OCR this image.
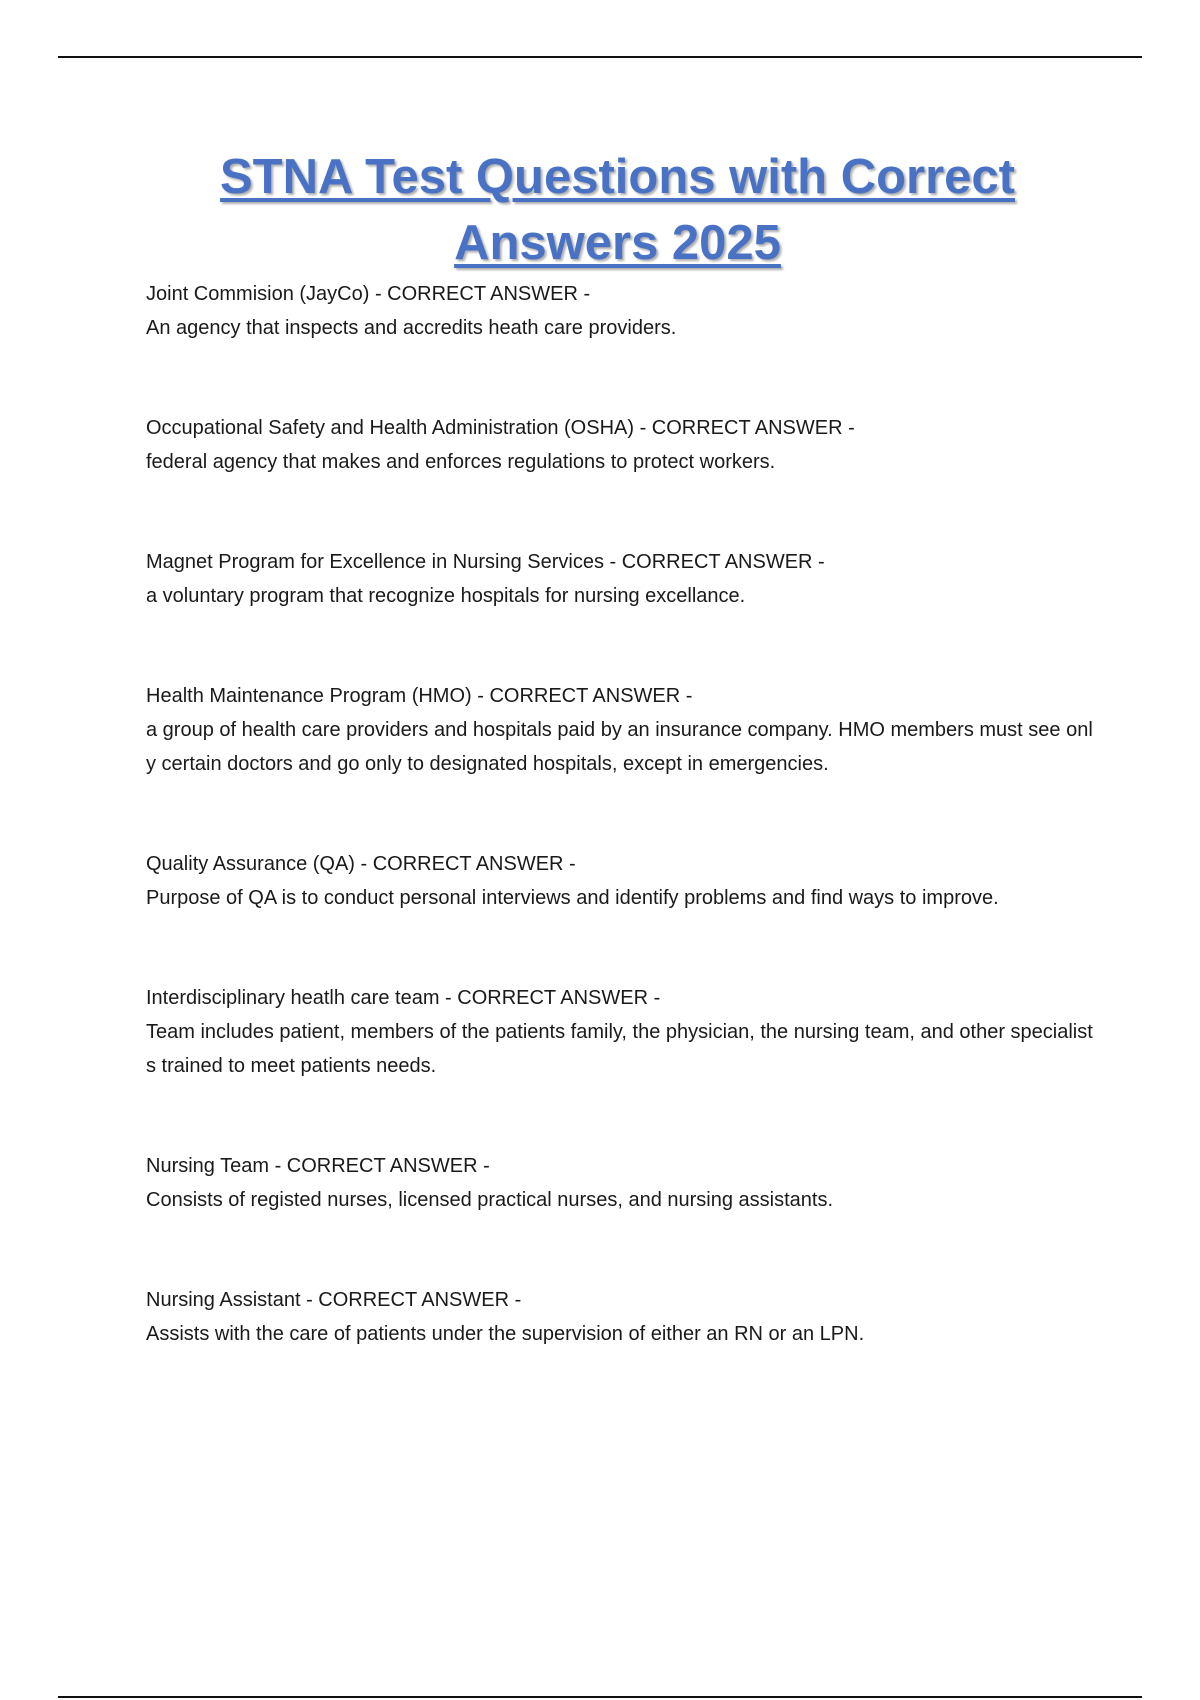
STNA Test Questions with Correct Answers 2025
Joint Commision (JayCo) - CORRECT ANSWER -
An agency that inspects and accredits heath care providers.
Occupational Safety and Health Administration (OSHA) - CORRECT ANSWER -
federal agency that makes and enforces regulations to protect workers.
Magnet Program for Excellence in Nursing Services - CORRECT ANSWER -
a voluntary program that recognize hospitals for nursing excellance.
Health Maintenance Program (HMO) - CORRECT ANSWER -
a group of health care providers and hospitals paid by an insurance company. HMO members must see only certain doctors and go only to designated hospitals, except in emergencies.
Quality Assurance (QA) - CORRECT ANSWER -
Purpose of QA is to conduct personal interviews and identify problems and find ways to improve.
Interdisciplinary heatlh care team - CORRECT ANSWER -
Team includes patient, members of the patients family, the physician, the nursing team, and other specialists trained to meet patients needs.
Nursing Team - CORRECT ANSWER -
Consists of registed nurses, licensed practical nurses, and nursing assistants.
Nursing Assistant - CORRECT ANSWER -
Assists with the care of patients under the supervision of either an RN or an LPN.
